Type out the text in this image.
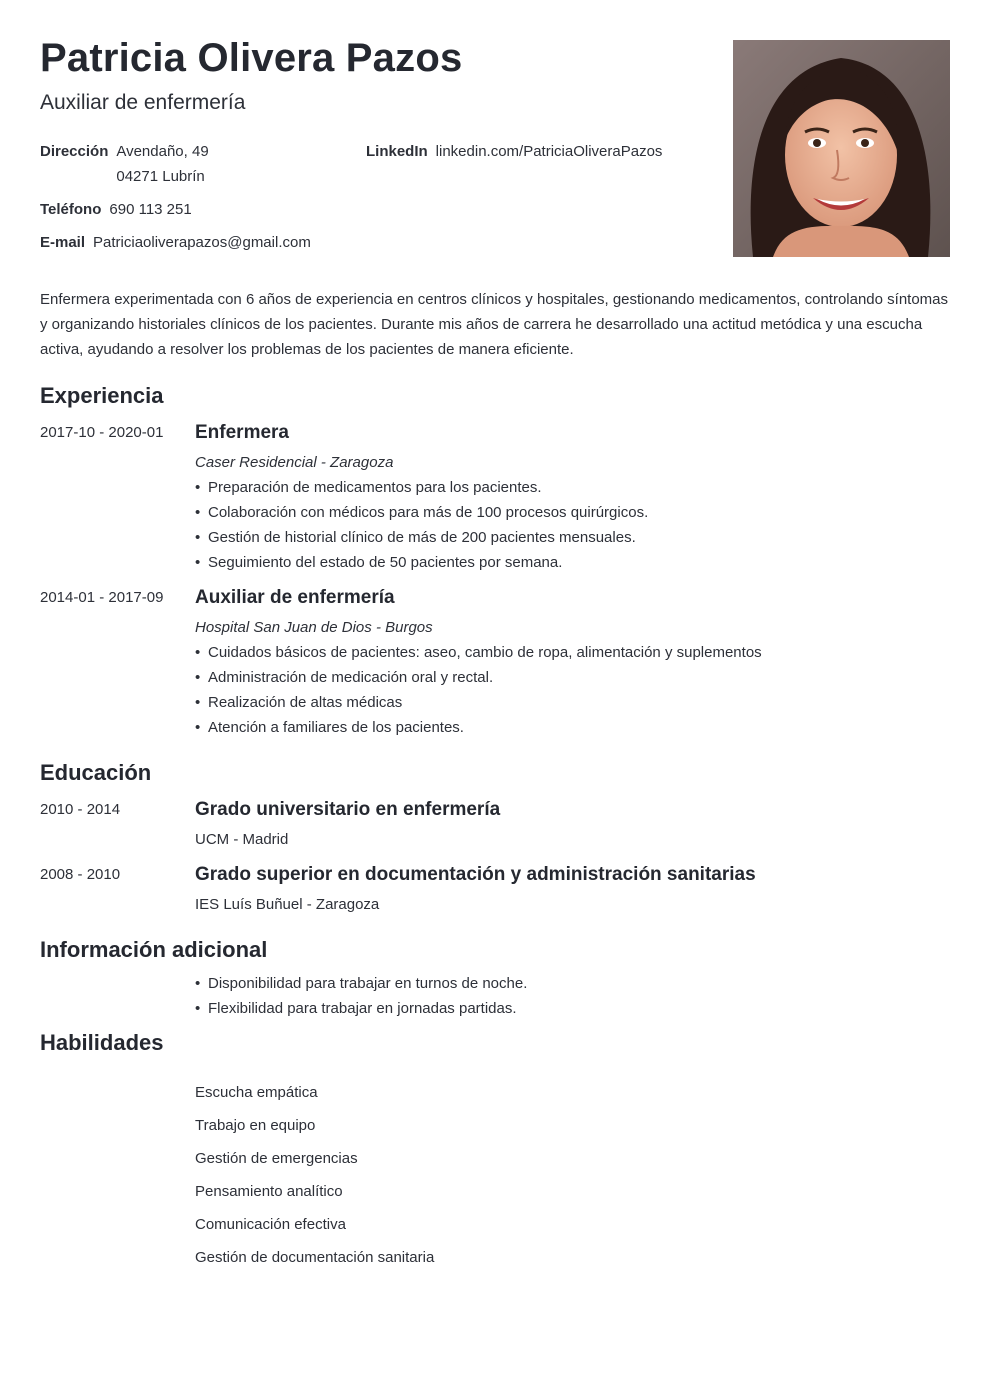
Patricia Olivera Pazos
Auxiliar de enfermería
Dirección Avendaño, 49
04271 Lubrín
Teléfono 690 113 251
E-mail Patriciaoliverapazos@gmail.com
LinkedIn linkedin.com/PatriciaOliveraPazos
Enfermera experimentada con 6 años de experiencia en centros clínicos y hospitales, gestionando medicamentos, controlando síntomas y organizando historiales clínicos de los pacientes. Durante mis años de carrera he desarrollado una actitud metódica y una escucha activa, ayudando a resolver los problemas de los pacientes de manera eficiente.
Experiencia
2017-10 - 2020-01 Enfermera
Caser Residencial - Zaragoza
• Preparación de medicamentos para los pacientes.
• Colaboración con médicos para más de 100 procesos quirúrgicos.
• Gestión de historial clínico de más de 200 pacientes mensuales.
• Seguimiento del estado de 50 pacientes por semana.
2014-01 - 2017-09 Auxiliar de enfermería
Hospital San Juan de Dios - Burgos
• Cuidados básicos de pacientes: aseo, cambio de ropa, alimentación y suplementos
• Administración de medicación oral y rectal.
• Realización de altas médicas
• Atención a familiares de los pacientes.
Educación
2010 - 2014	Grado universitario en enfermería
UCM - Madrid
2008 - 2010	Grado superior en documentación y administración sanitarias
IES Luís Buñuel - Zaragoza
Información adicional
• Disponibilidad para trabajar en turnos de noche.
• Flexibilidad para trabajar en jornadas partidas.
Habilidades
Escucha empática
Trabajo en equipo
Gestión de emergencias
Pensamiento analítico
Comunicación efectiva
Gestión de documentación sanitaria
